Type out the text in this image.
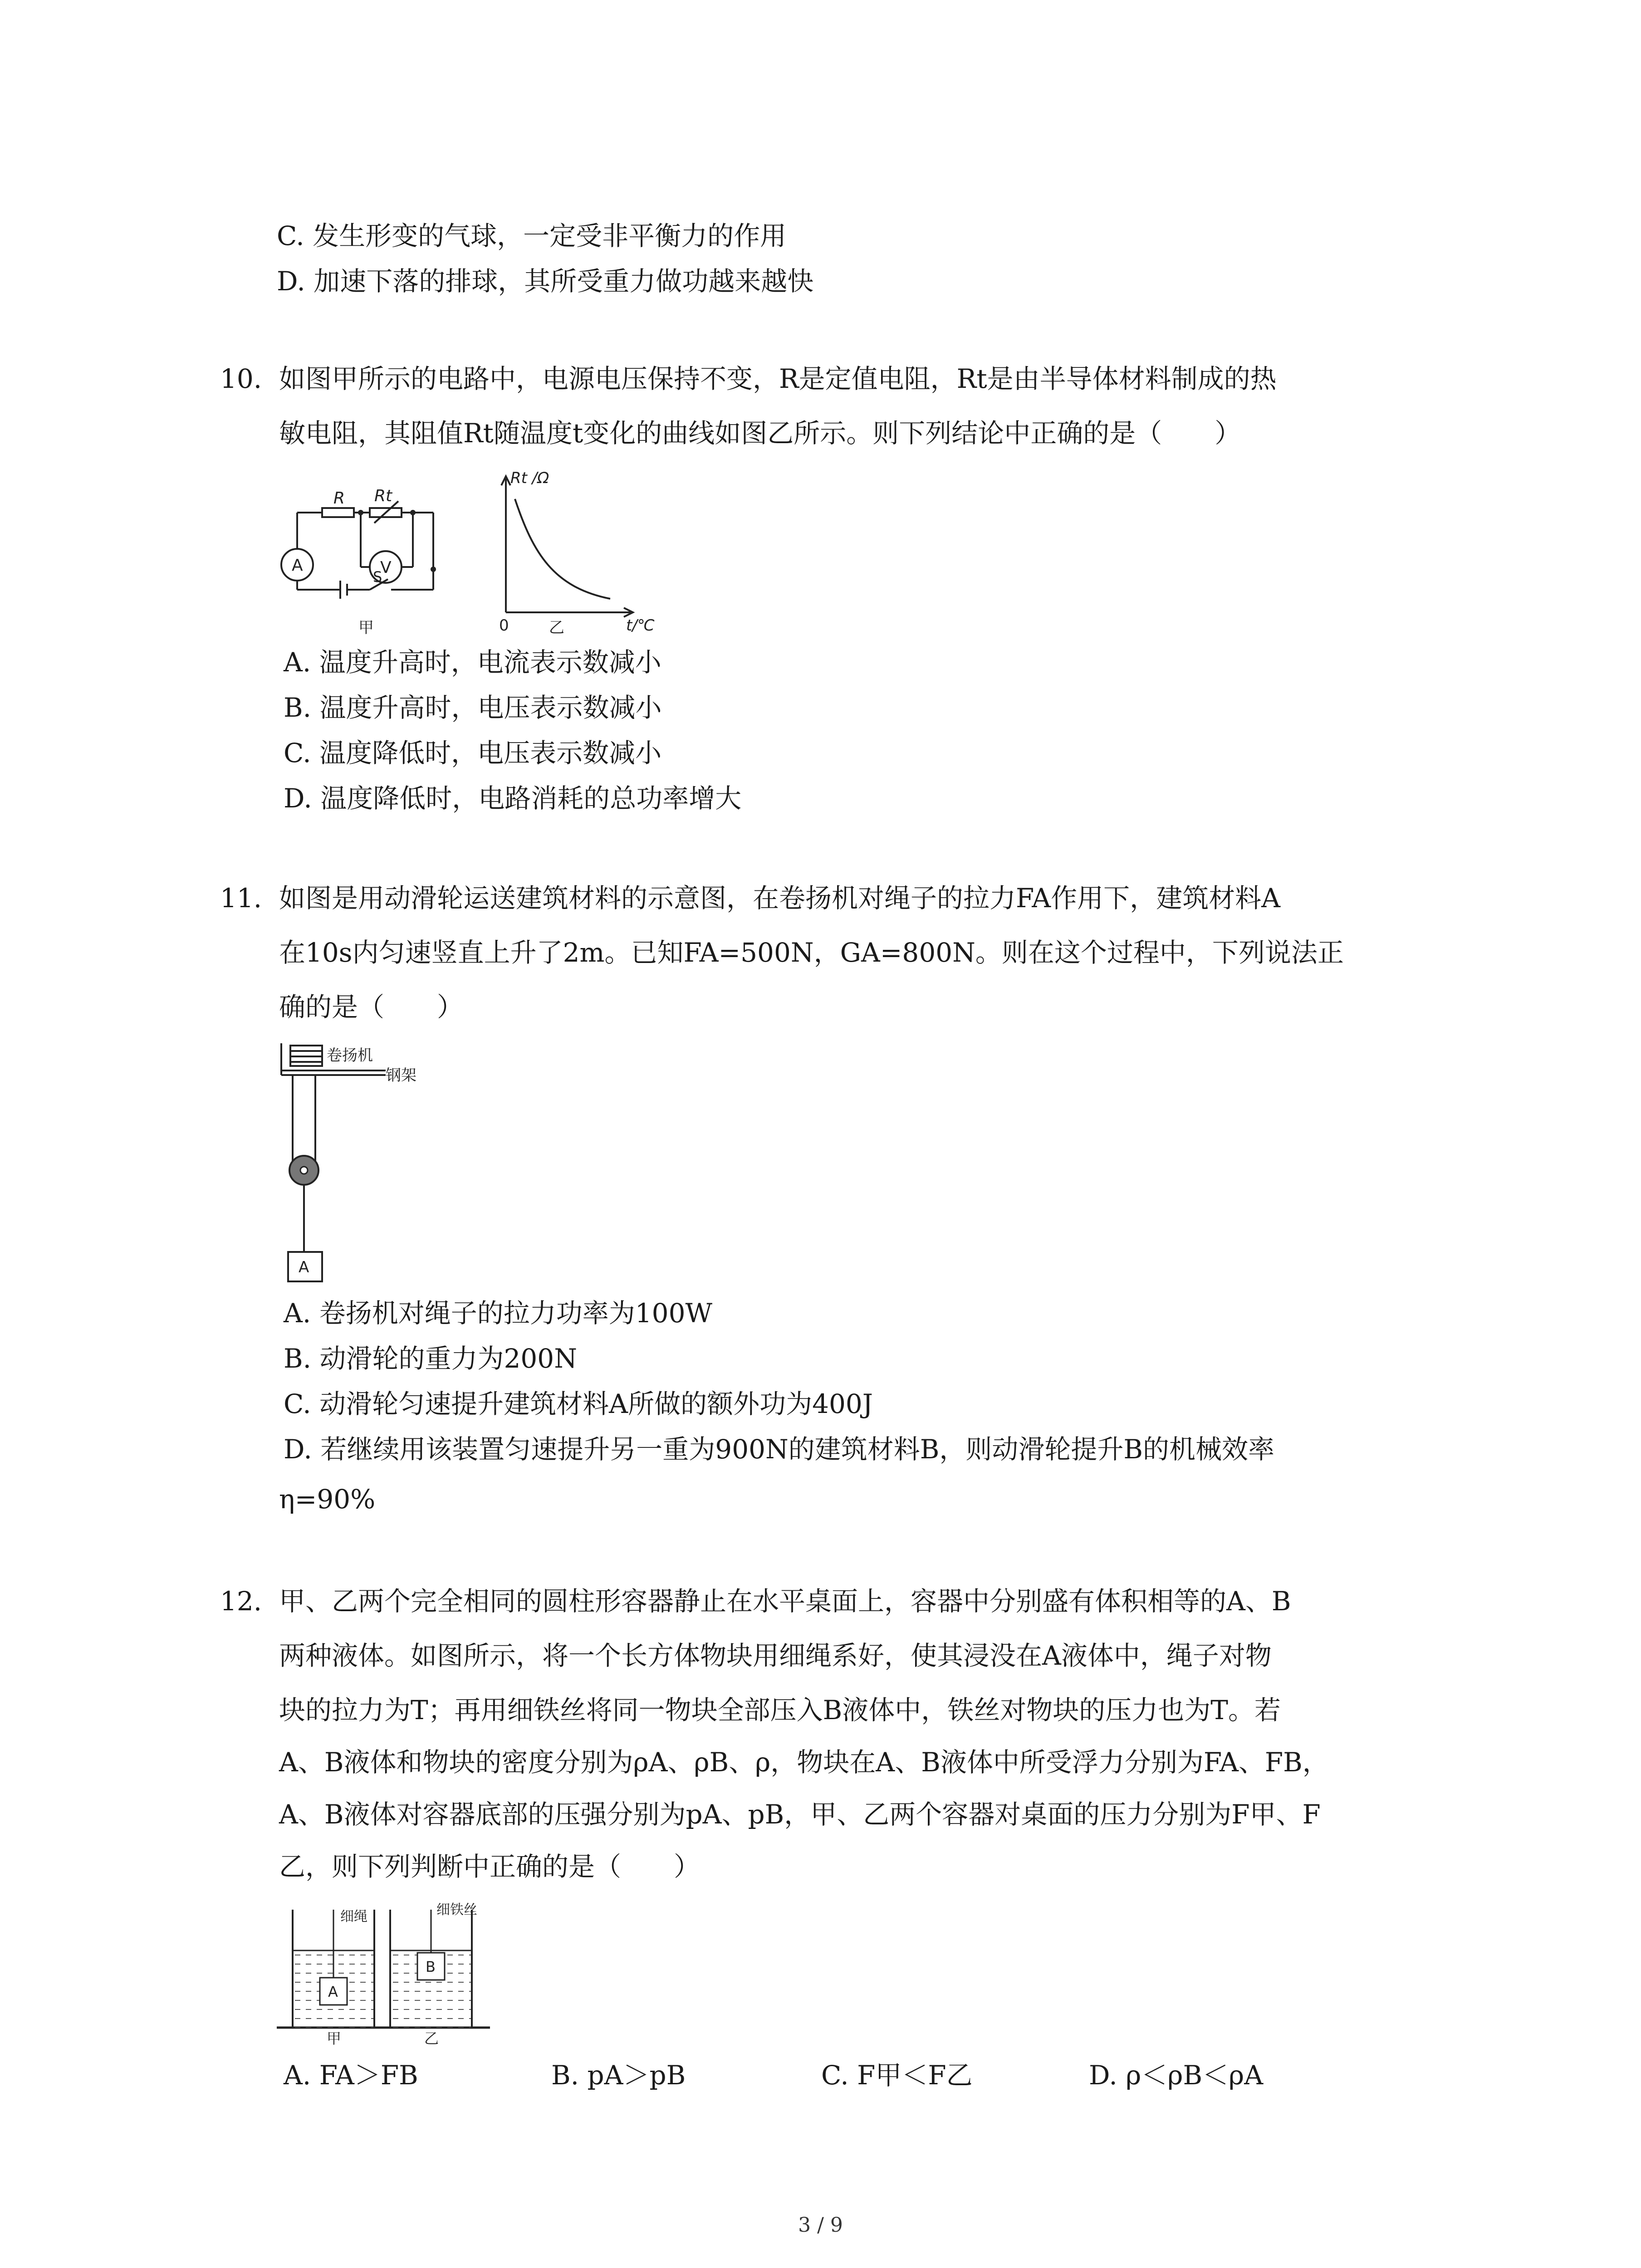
C. 发生形变的气球，一定受非平衡力的作用
D. 加速下落的排球，其所受重力做功越来越快
10. 如图甲所示的电路中，电源电压保持不变，R是定值电阻，Rt是由半导体材料制成的热
敏电阻，其阻值Rt随温度t变化的曲线如图乙所示。则下列结论中正确的是（　　）
R Rt
A	V
S
甲
Rt /Ω
t/℃
0	乙
A. 温度升高时，电流表示数减小
B. 温度升高时，电压表示数减小
C. 温度降低时，电压表示数减小
D. 温度降低时，电路消耗的总功率增大
11. 如图是用动滑轮运送建筑材料的示意图，在卷扬机对绳子的拉力FA作用下，建筑材料A
在10s内匀速竖直上升了2m。已知FA=500N，GA=800N。则在这个过程中，下列说法正
确的是（　　）
卷扬机
钢架
A
A. 卷扬机对绳子的拉力功率为100W
B. 动滑轮的重力为200N
C. 动滑轮匀速提升建筑材料A所做的额外功为400J
D. 若继续用该装置匀速提升另一重为900N的建筑材料B，则动滑轮提升B的机械效率
η=90%
12. 甲、乙两个完全相同的圆柱形容器静止在水平桌面上，容器中分别盛有体积相等的A、B
两种液体。如图所示，将一个长方体物块用细绳系好，使其浸没在A液体中，绳子对物
块的拉力为T；再用细铁丝将同一物块全部压入B液体中，铁丝对物块的压力也为T。若
A、B液体和物块的密度分别为ρA、ρB、ρ，物块在A、B液体中所受浮力分别为FA、FB，
A、B液体对容器底部的压强分别为pA、pB，甲、乙两个容器对桌面的压力分别为F甲、F
乙，则下列判断中正确的是（　　）
细绳	细铁丝
A
B
甲	乙
A. FA＞FB	B. pA＞pB	C. F甲＜F乙	D. ρ＜ρB＜ρA
3 / 9
